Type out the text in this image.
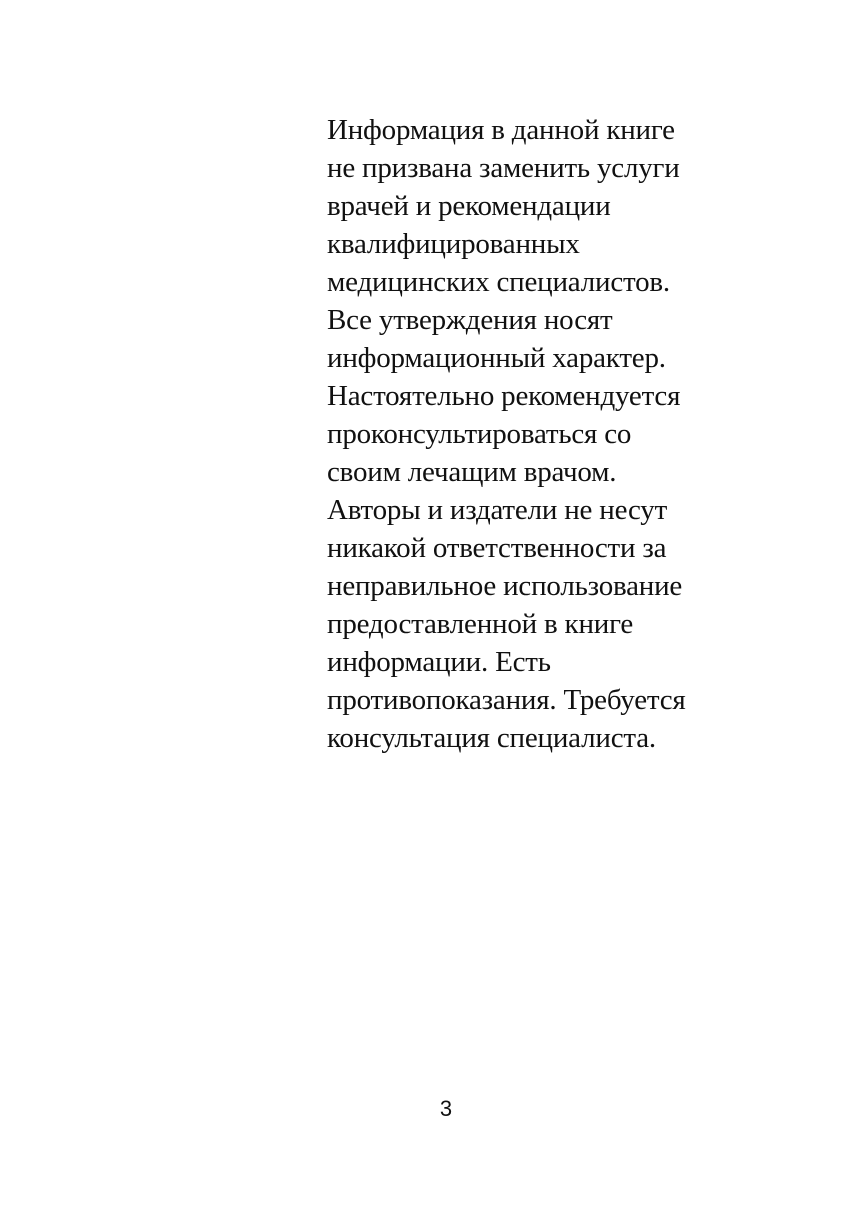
Информация в данной книге
не призвана заменить услуги
врачей и рекомендации
квалифицированных
медицинских специалистов.
Все утверждения носят
информационный характер.
Настоятельно рекомендуется
проконсультироваться со
своим лечащим врачом.
Авторы и издатели не несут
никакой ответственности за
неправильное использование
предоставленной в книге
информации. Есть
противопоказания. Требуется
консультация специалиста.
3
